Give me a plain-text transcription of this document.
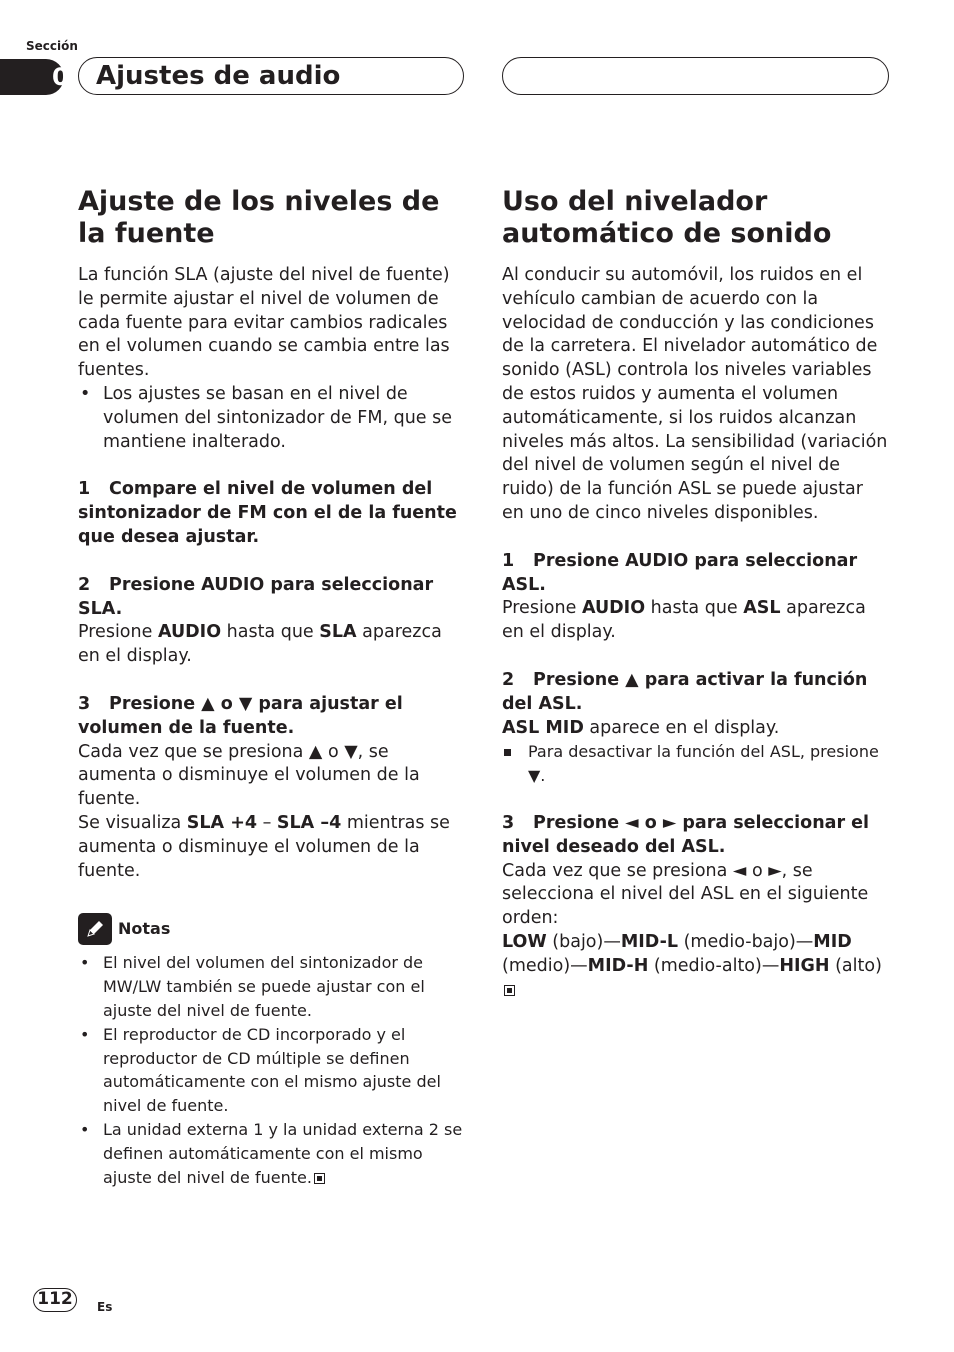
Sección
09 Ajustes de audio
Ajuste de los niveles de la fuente

La función SLA (ajuste del nivel de fuente) le permite ajustar el nivel de volumen de cada fuente para evitar cambios radicales en el volumen cuando se cambia entre las fuentes.

• Los ajustes se basan en el nivel de volumen del sintonizador de FM, que se mantiene inalterado.

1 Compare el nivel de volumen del sintonizador de FM con el de la fuente que desea ajustar.

2 Presione AUDIO para seleccionar SLA.

Presione AUDIO hasta que SLA aparezca en el display.

3 Presione ▲ o ▼ para ajustar el volumen de la fuente.

Cada vez que se presiona ▲ o ▼, se aumenta o disminuye el volumen de la fuente.

Se visualiza SLA +4 – SLA –4 mientras se aumenta o disminuye el volumen de la fuente.

Notas
• El nivel del volumen del sintonizador de MW/LW también se puede ajustar con el ajuste del nivel de fuente.
• El reproductor de CD incorporado y el reproductor de CD múltiple se definen automáticamente con el mismo ajuste del nivel de fuente.
• La unidad externa 1 y la unidad externa 2 se definen automáticamente con el mismo ajuste del nivel de fuente.
Uso del nivelador automático de sonido

Al conducir su automóvil, los ruidos en el vehículo cambian de acuerdo con la velocidad de conducción y las condiciones de la carretera. El nivelador automático de sonido (ASL) controla los niveles variables de estos ruidos y aumenta el volumen automáticamente, si los ruidos alcanzan niveles más altos. La sensibilidad (variación del nivel de volumen según el nivel de ruido) de la función ASL se puede ajustar en uno de cinco niveles disponibles.

1 Presione AUDIO para seleccionar ASL.

Presione AUDIO hasta que ASL aparezca en el display.

2 Presione ▲ para activar la función del ASL.

ASL MID aparece en el display.

Para desactivar la función del ASL, presione ▼.

3 Presione ◄ o ► para seleccionar el nivel deseado del ASL.

Cada vez que se presiona ◄ o ►, se selecciona el nivel del ASL en el siguiente orden:

LOW (bajo)—MID-L (medio-bajo)—MID (medio)—MID-H (medio-alto)—HIGH (alto)

112	Es
